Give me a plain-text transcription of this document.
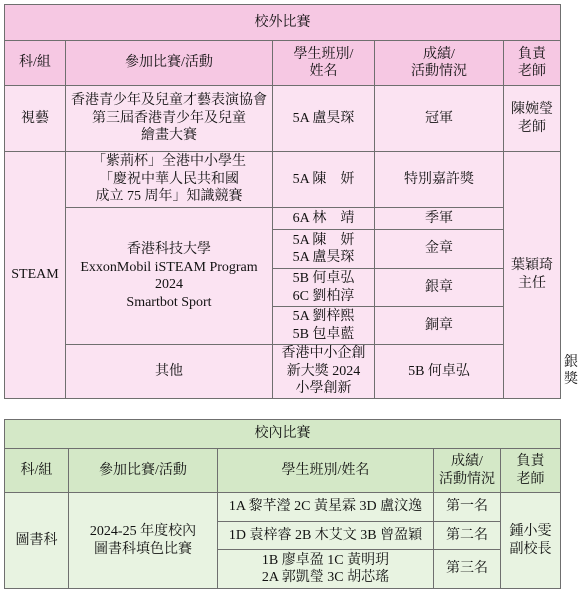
校外比賽					
科/組	參加比賽/活動	學生班別/
姓名	成績/
活動情況	負責
老師	
視藝	香港青少年及兒童才藝表演協會
第三屆香港青少年及兒童
繪畫大賽	5A 盧昊琛	冠軍	陳婉瑩
老師	
STEAM	「紫荊杯」全港中小學生
「慶祝中華人民共和國
成立 75 周年」知識競賽	5A 陳　妍	特別嘉許獎	葉穎琦
主任	
	香港科技大學
ExxonMobil iSTEAM Program
2024
Smartbot Sport	6A 林　靖	季軍		
		5A 陳　妍
5A 盧昊琛	金章		
		5B 何卓弘
6C 劉柏淳	銀章		
		5A 劉梓熙
5B 包卓藍	銅章		
	其他	香港中小企創新大獎 2024
小學創新	5B 何卓弘		銀獎
校內比賽				
科/組	參加比賽/活動	學生班別/姓名	成績/
活動情況	負責
老師
圖書科	2024-25 年度校內
圖書科填色比賽	1A 黎芊瀅 2C 黃星霖 3D 盧汶逸	第一名	鍾小雯
副校長
		1D 袁梓睿 2B 木艾文 3B 曾盈穎	第二名	
		1B 廖卓盈 1C 黃明玥
2A 郭凱瑩 3C 胡芯瑤	第三名	
